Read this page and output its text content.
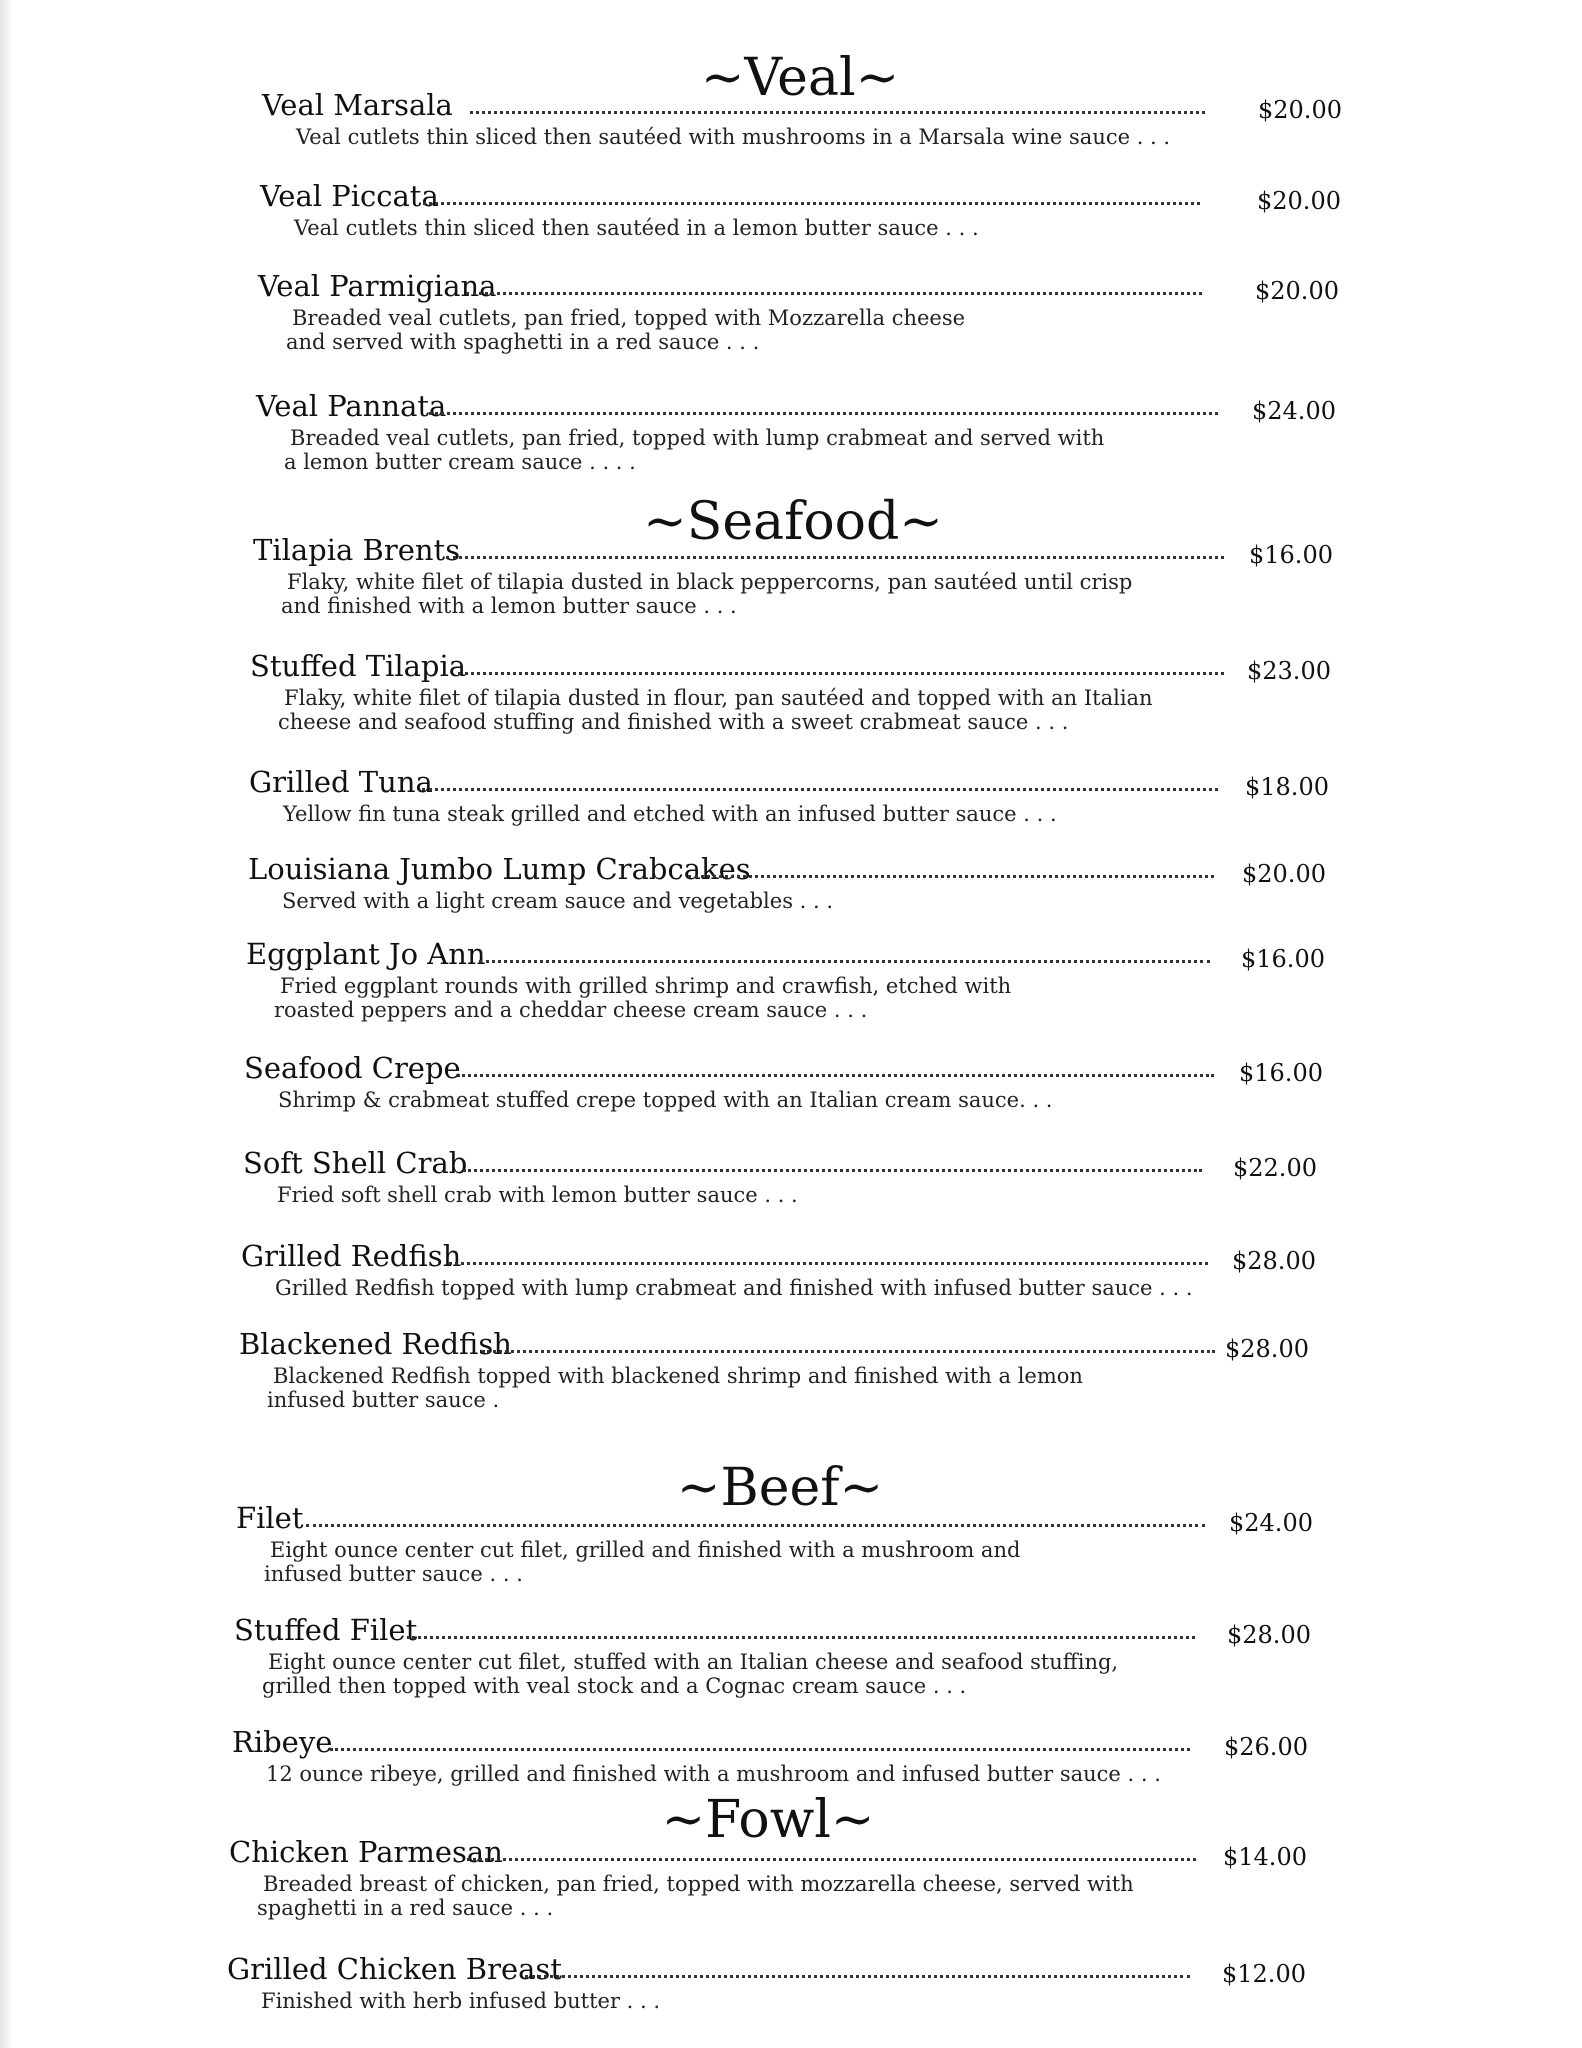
~Veal~
Veal Marsala	$20.00
Veal cutlets thin sliced then sautéed with mushrooms in a Marsala wine sauce . . .
Veal Piccata	$20.00
Veal cutlets thin sliced then sautéed in a lemon butter sauce . . .
Veal Parmigiana	$20.00
Breaded veal cutlets, pan fried, topped with Mozzarella cheese
and served with spaghetti in a red sauce . . .
Veal Pannata	$24.00
Breaded veal cutlets, pan fried, topped with lump crabmeat and served with
a lemon butter cream sauce . . . .
~Seafood~
Tilapia Brents	$16.00
Flaky, white filet of tilapia dusted in black peppercorns, pan sautéed until crisp
and finished with a lemon butter sauce . . .
Stuffed Tilapia	$23.00
Flaky, white filet of tilapia dusted in flour, pan sautéed and topped with an Italian
cheese and seafood stuffing and finished with a sweet crabmeat sauce . . .
Grilled Tuna	$18.00
Yellow fin tuna steak grilled and etched with an infused butter sauce . . .
Louisiana Jumbo Lump Crabcakes	$20.00
Served with a light cream sauce and vegetables . . .
Eggplant Jo Ann	$16.00
Fried eggplant rounds with grilled shrimp and crawfish, etched with
roasted peppers and a cheddar cheese cream sauce . . .
Seafood Crepe	$16.00
Shrimp & crabmeat stuffed crepe topped with an Italian cream sauce. . .
Soft Shell Crab	$22.00
Fried soft shell crab with lemon butter sauce . . .
Grilled Redfish	$28.00
Grilled Redfish topped with lump crabmeat and finished with infused butter sauce . . .
Blackened Redfish	$28.00
Blackened Redfish topped with blackened shrimp and finished with a lemon
infused butter sauce .
~Beef~
Filet	$24.00
Eight ounce center cut filet, grilled and finished with a mushroom and
infused butter sauce . . .
Stuffed Filet	$28.00
Eight ounce center cut filet, stuffed with an Italian cheese and seafood stuffing,
grilled then topped with veal stock and a Cognac cream sauce . . .
Ribeye	$26.00
12 ounce ribeye, grilled and finished with a mushroom and infused butter sauce . . .
~Fowl~
Chicken Parmesan	$14.00
Breaded breast of chicken, pan fried, topped with mozzarella cheese, served with
spaghetti in a red sauce . . .
Grilled Chicken Breast	$12.00
Finished with herb infused butter . . .
